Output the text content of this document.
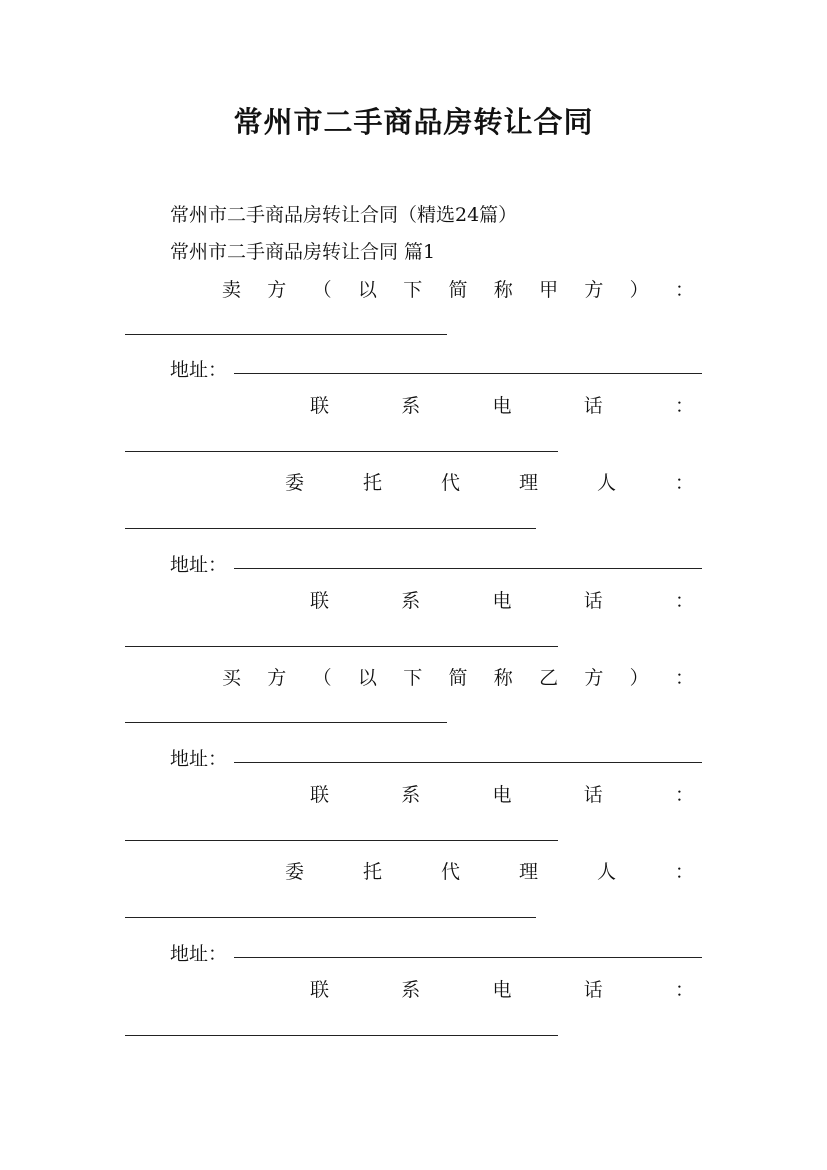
常州市二手商品房转让合同
常州市二手商品房转让合同（精选24篇）
常州市二手商品房转让合同 篇1
卖 方 （ 以 下 简 称 甲 方 ） ：
地址：
联	系	电	话	：
委	托	代	理	人	：
地址：
联	系	电	话	：
买 方 （ 以 下 简 称 乙 方 ） ：
地址：
联	系	电	话	：
委	托	代	理	人	：
地址：
联	系	电	话	：
